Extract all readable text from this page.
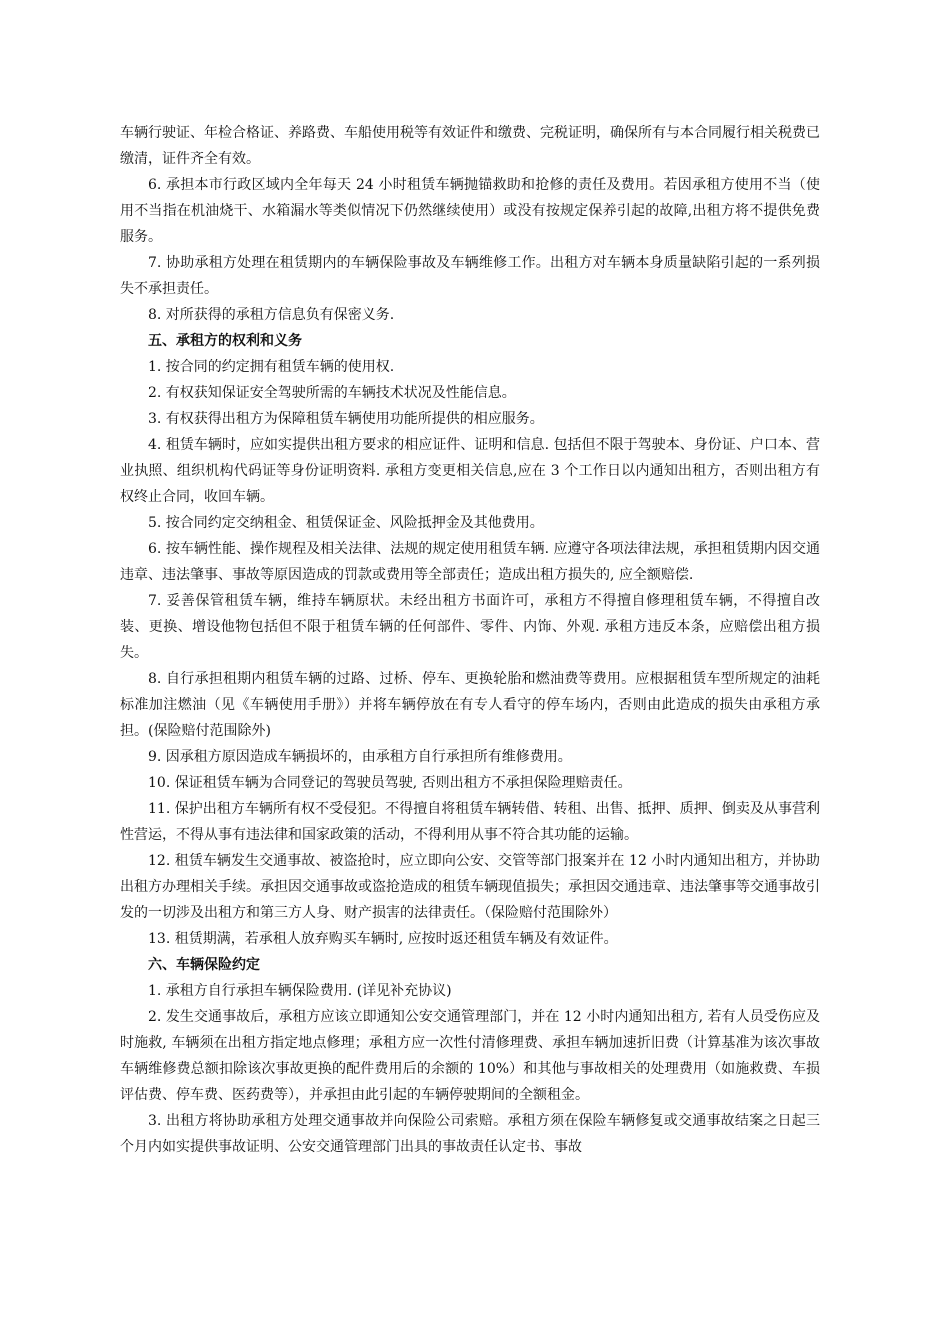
车辆行驶证、年检合格证、养路费、车船使用税等有效证件和缴费、完税证明，确保所有与本合同履行相关税费已缴清，证件齐全有效。

6. 承担本市行政区域内全年每天 24 小时租赁车辆抛锚救助和抢修的责任及费用。若因承租方使用不当（使用不当指在机油烧干、水箱漏水等类似情况下仍然继续使用）或没有按规定保养引起的故障,出租方将不提供免费服务。

7. 协助承租方处理在租赁期内的车辆保险事故及车辆维修工作。出租方对车辆本身质量缺陷引起的一系列损失不承担责任。

8. 对所获得的承租方信息负有保密义务.

五、承租方的权利和义务

1. 按合同的约定拥有租赁车辆的使用权.

2. 有权获知保证安全驾驶所需的车辆技术状况及性能信息。

3. 有权获得出租方为保障租赁车辆使用功能所提供的相应服务。

4. 租赁车辆时，应如实提供出租方要求的相应证件、证明和信息. 包括但不限于驾驶本、身份证、户口本、营业执照、组织机构代码证等身份证明资料. 承租方变更相关信息,应在 3 个工作日以内通知出租方，否则出租方有权终止合同，收回车辆。

5. 按合同约定交纳租金、租赁保证金、风险抵押金及其他费用。

6. 按车辆性能、操作规程及相关法律、法规的规定使用租赁车辆. 应遵守各项法律法规，承担租赁期内因交通违章、违法肇事、事故等原因造成的罚款或费用等全部责任；造成出租方损失的, 应全额赔偿.

7. 妥善保管租赁车辆，维持车辆原状。未经出租方书面许可，承租方不得擅自修理租赁车辆，不得擅自改装、更换、增设他物包括但不限于租赁车辆的任何部件、零件、内饰、外观. 承租方违反本条，应赔偿出租方损失。

8. 自行承担租期内租赁车辆的过路、过桥、停车、更换轮胎和燃油费等费用。应根据租赁车型所规定的油耗标准加注燃油（见《车辆使用手册》）并将车辆停放在有专人看守的停车场内，否则由此造成的损失由承租方承担。(保险赔付范围除外)

9. 因承租方原因造成车辆损坏的，由承租方自行承担所有维修费用。

10. 保证租赁车辆为合同登记的驾驶员驾驶, 否则出租方不承担保险理赔责任。

11. 保护出租方车辆所有权不受侵犯。不得擅自将租赁车辆转借、转租、出售、抵押、质押、倒卖及从事营利性营运，不得从事有违法律和国家政策的活动，不得利用从事不符合其功能的运输。

12. 租赁车辆发生交通事故、被盗抢时，应立即向公安、交管等部门报案并在 12 小时内通知出租方，并协助出租方办理相关手续。承担因交通事故或盗抢造成的租赁车辆现值损失；承担因交通违章、违法肇事等交通事故引发的一切涉及出租方和第三方人身、财产损害的法律责任。（保险赔付范围除外）

13. 租赁期满，若承租人放弃购买车辆时, 应按时返还租赁车辆及有效证件。

六、车辆保险约定

1. 承租方自行承担车辆保险费用. (详见补充协议)

2. 发生交通事故后，承租方应该立即通知公安交通管理部门，并在 12 小时内通知出租方, 若有人员受伤应及时施救, 车辆须在出租方指定地点修理；承租方应一次性付清修理费、承担车辆加速折旧费（计算基准为该次事故车辆维修费总额扣除该次事故更换的配件费用后的余额的 10%）和其他与事故相关的处理费用（如施救费、车损评估费、停车费、医药费等），并承担由此引起的车辆停驶期间的全额租金。

3. 出租方将协助承租方处理交通事故并向保险公司索赔。承租方须在保险车辆修复或交通事故结案之日起三个月内如实提供事故证明、公安交通管理部门出具的事故责任认定书、事故
